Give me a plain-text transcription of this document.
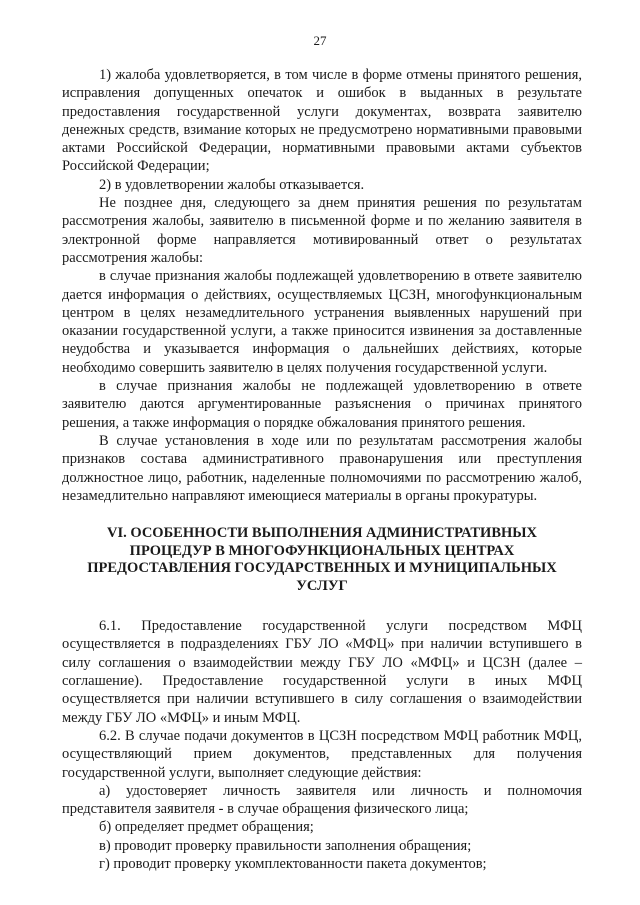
27

1) жалоба удовлетворяется, в том числе в форме отмены принятого решения, исправления допущенных опечаток и ошибок в выданных в результате предоставления государственной услуги документах, возврата заявителю денежных средств, взимание которых не предусмотрено нормативными правовыми актами Российской Федерации, нормативными правовыми актами субъектов Российской Федерации;

2) в удовлетворении жалобы отказывается.

Не позднее дня, следующего за днем принятия решения по результатам рассмотрения жалобы, заявителю в письменной форме и по желанию заявителя в электронной форме направляется мотивированный ответ о результатах рассмотрения жалобы:

в случае признания жалобы подлежащей удовлетворению в ответе заявителю дается информация о действиях, осуществляемых ЦСЗН, многофункциональным центром в целях незамедлительного устранения выявленных нарушений при оказании государственной услуги, а также приносится извинения за доставленные неудобства и указывается информация о дальнейших действиях, которые необходимо совершить заявителю в целях получения государственной услуги.

в случае признания жалобы не подлежащей удовлетворению в ответе заявителю даются аргументированные разъяснения о причинах принятого решения, а также информация о порядке обжалования принятого решения.

В случае установления в ходе или по результатам рассмотрения жалобы признаков состава административного правонарушения или преступления должностное лицо, работник, наделенные полномочиями по рассмотрению жалоб, незамедлительно направляют имеющиеся материалы в органы прокуратуры.

VI. ОСОБЕННОСТИ ВЫПОЛНЕНИЯ АДМИНИСТРАТИВНЫХ
ПРОЦЕДУР В МНОГОФУНКЦИОНАЛЬНЫХ ЦЕНТРАХ
ПРЕДОСТАВЛЕНИЯ ГОСУДАРСТВЕННЫХ И МУНИЦИПАЛЬНЫХ
УСЛУГ

6.1. Предоставление государственной услуги посредством МФЦ осуществляется в подразделениях ГБУ ЛО «МФЦ» при наличии вступившего в силу соглашения о взаимодействии между ГБУ ЛО «МФЦ» и ЦСЗН (далее – соглашение). Предоставление государственной услуги в иных МФЦ осуществляется при наличии вступившего в силу соглашения о взаимодействии между ГБУ ЛО «МФЦ» и иным МФЦ.

6.2. В случае подачи документов в ЦСЗН посредством МФЦ работник МФЦ, осуществляющий прием документов, представленных для получения государственной услуги, выполняет следующие действия:

а) удостоверяет личность заявителя или личность и полномочия представителя заявителя - в случае обращения физического лица;

б) определяет предмет обращения;

в) проводит проверку правильности заполнения обращения;

г) проводит проверку укомплектованности пакета документов;
